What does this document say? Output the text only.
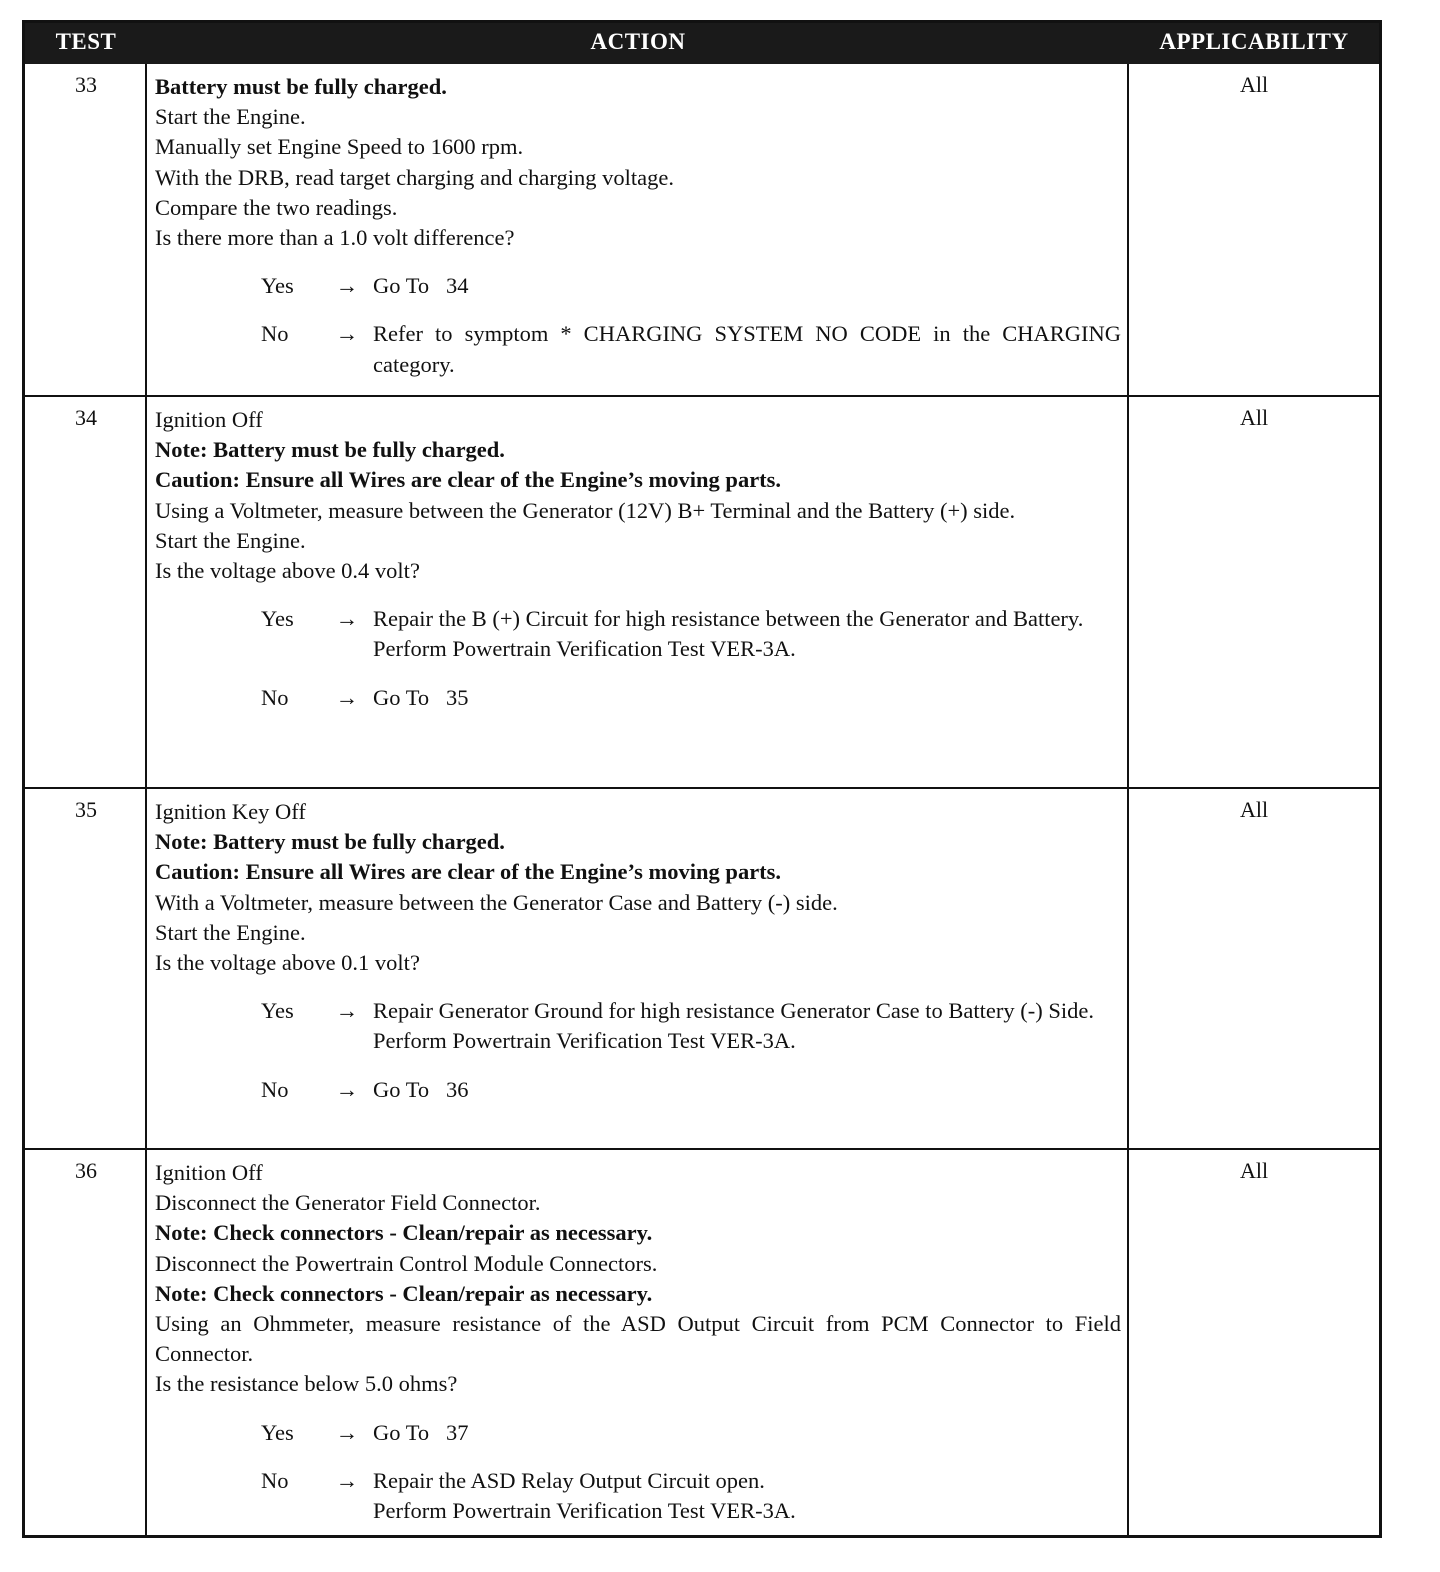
TEST	ACTION	APPLICABILITY
33	Battery must be fully charged.
Start the Engine.
Manually set Engine Speed to 1600 rpm.
With the DRB, read target charging and charging voltage.
Compare the two readings.
Is there more than a 1.0 volt difference?
Yes	→ Go To   34
No	→ Refer to symptom * CHARGING SYSTEM NO CODE in the CHARGING category.
All
34	Ignition Off
Note: Battery must be fully charged.
Caution: Ensure all Wires are clear of the Engine’s moving parts.
Using a Voltmeter, measure between the Generator (12V) B+ Terminal and the Battery (+) side.
Start the Engine.
Is the voltage above 0.4 volt?
Yes	→ Repair the B (+) Circuit for high resistance between the Generator and Battery.
Perform Powertrain Verification Test VER-3A.
No	→ Go To   35
All
35	Ignition Key Off
Note: Battery must be fully charged.
Caution: Ensure all Wires are clear of the Engine’s moving parts.
With a Voltmeter, measure between the Generator Case and Battery (-) side.
Start the Engine.
Is the voltage above 0.1 volt?
Yes	→ Repair Generator Ground for high resistance Generator Case to Battery (-) Side.
Perform Powertrain Verification Test VER-3A.
No	→ Go To   36
All
36	Ignition Off
Disconnect the Generator Field Connector.
Note: Check connectors - Clean/repair as necessary.
Disconnect the Powertrain Control Module Connectors.
Note: Check connectors - Clean/repair as necessary.
Using an Ohmmeter, measure resistance of the ASD Output Circuit from PCM Connector to Field Connector.
Is the resistance below 5.0 ohms?
Yes	→ Go To   37
No	→ Repair the ASD Relay Output Circuit open.
Perform Powertrain Verification Test VER-3A.
All
